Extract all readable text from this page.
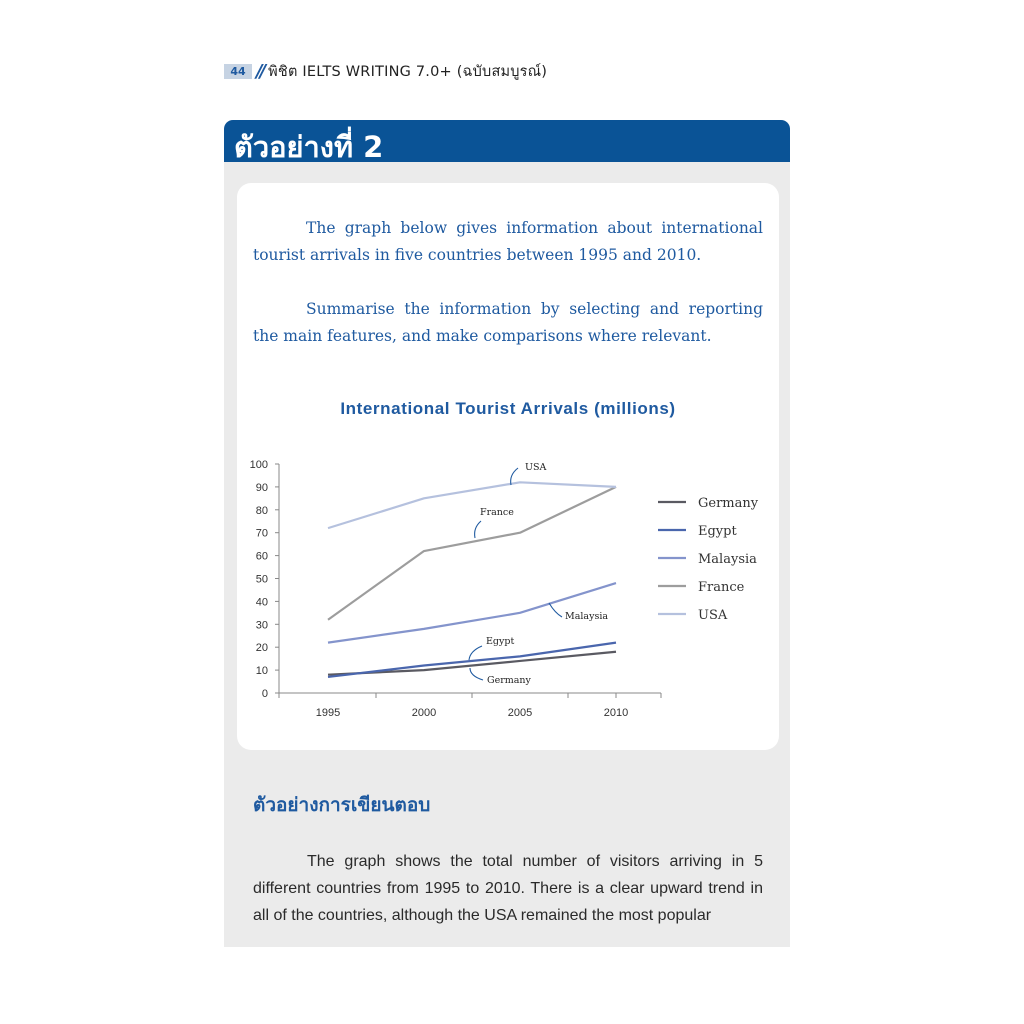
44 // พิชิต IELTS WRITING 7.0+ (ฉบับสมบูรณ์)
ตัวอย่างที่ 2

The graph below gives information about international tourist arrivals in five countries between 1995 and 2010.

Summarise the information by selecting and reporting the main features, and make comparisons where relevant.

International Tourist Arrivals (millions)
0
10
20
30
40
50
60
70
80
90
100
1995	2000	2005	2010
USA
France
Malaysia
Egypt
Germany
Germany
Egypt
Malaysia
France
USA
ตัวอย่างการเขียนตอบ

The graph shows the total number of visitors arriving in 5 different countries from 1995 to 2010. There is a clear upward trend in all of the countries, although the USA remained the most popular
